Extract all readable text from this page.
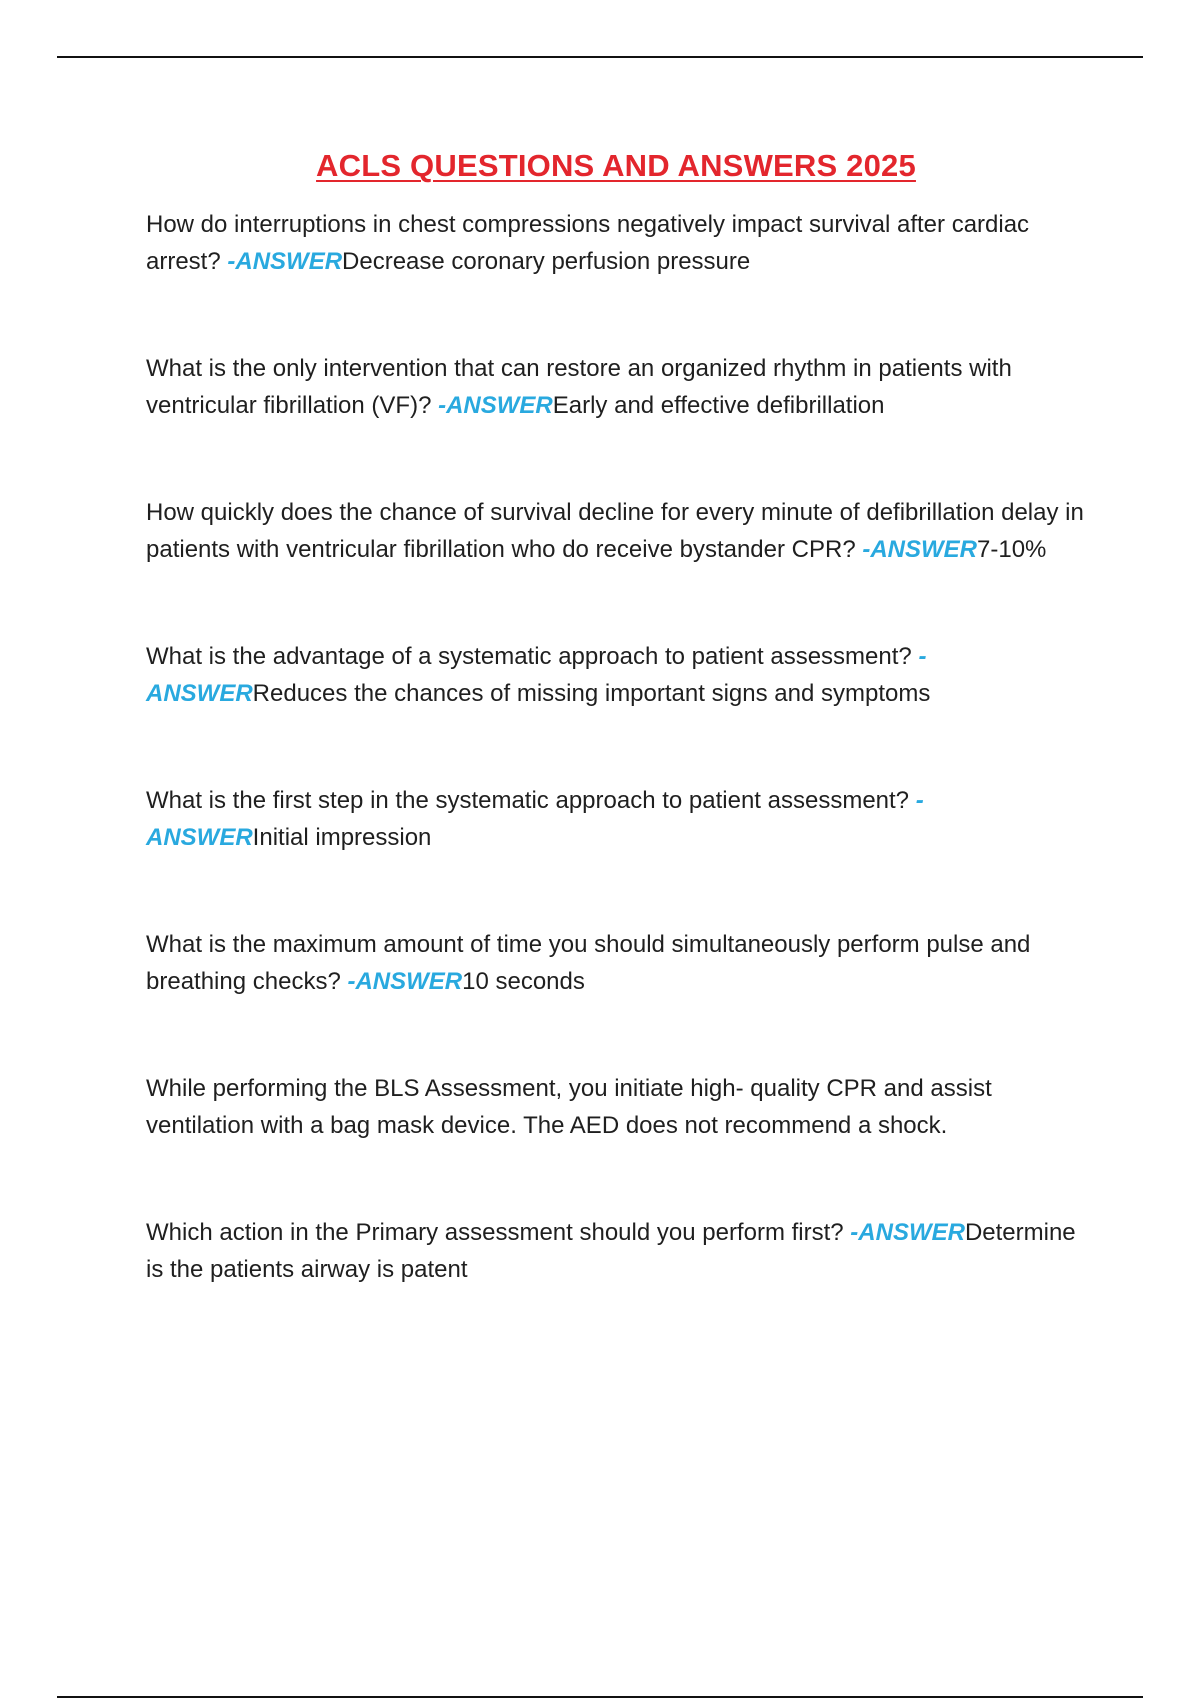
ACLS QUESTIONS AND ANSWERS 2025

How do interruptions in chest compressions negatively impact survival after cardiac arrest? -ANSWERDecrease coronary perfusion pressure

What is the only intervention that can restore an organized rhythm in patients with ventricular fibrillation (VF)? -ANSWEREarly and effective defibrillation

How quickly does the chance of survival decline for every minute of defibrillation delay in patients with ventricular fibrillation who do receive bystander CPR? -ANSWER7-10%

What is the advantage of a systematic approach to patient assessment? -ANSWERReduces the chances of missing important signs and symptoms

What is the first step in the systematic approach to patient assessment? -ANSWERInitial impression

What is the maximum amount of time you should simultaneously perform pulse and breathing checks? -ANSWER10 seconds

While performing the BLS Assessment, you initiate high- quality CPR and assist ventilation with a bag mask device. The AED does not recommend a shock.

Which action in the Primary assessment should you perform first? -ANSWERDetermine is the patients airway is patent
